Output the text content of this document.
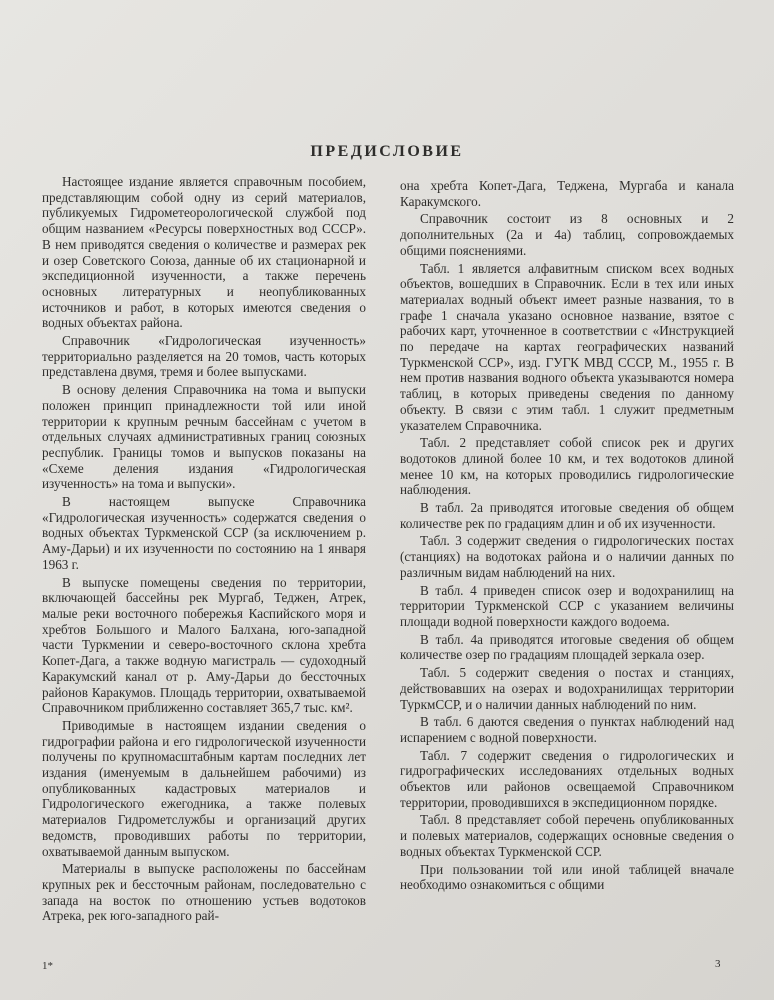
ПРЕДИСЛОВИЕ

Настоящее издание является справочным пособием, представляющим собой одну из серий материалов, публикуемых Гидрометеорологической службой под общим названием «Ресурсы поверхностных вод СССР». В нем приводятся сведения о количестве и размерах рек и озер Советского Союза, данные об их стационарной и экспедиционной изученности, а также перечень основных литературных и неопубликованных источников и работ, в которых имеются сведения о водных объектах района.

Справочник «Гидрологическая изученность» территориально разделяется на 20 томов, часть которых представлена двумя, тремя и более выпусками.

В основу деления Справочника на тома и выпуски положен принцип принадлежности той или иной территории к крупным речным бассейнам с учетом в отдельных случаях административных границ союзных республик. Границы томов и выпусков показаны на «Схеме деления издания «Гидрологическая изученность» на тома и выпуски».

В настоящем выпуске Справочника «Гидрологическая изученность» содержатся сведения о водных объектах Туркменской ССР (за исключением р. Аму-Дарьи) и их изученности по состоянию на 1 января 1963 г.

В выпуске помещены сведения по территории, включающей бассейны рек Мургаб, Теджен, Атрек, малые реки восточного побережья Каспийского моря и хребтов Большого и Малого Балхана, юго-западной части Туркмении и северо-восточного склона хребта Копет-Дага, а также водную магистраль — судоходный Каракумский канал от р. Аму-Дарьи до бессточных районов Каракумов. Площадь территории, охватываемой Справочником приближенно составляет 365,7 тыс. км².

Приводимые в настоящем издании сведения о гидрографии района и его гидрологической изученности получены по крупномасштабным картам последних лет издания (именуемым в дальнейшем рабочими) из опубликованных кадастровых материалов и Гидрологического ежегодника, а также полевых материалов Гидрометслужбы и организаций других ведомств, проводивших работы по территории, охватываемой данным выпуском.

Материалы в выпуске расположены по бассейнам крупных рек и бессточным районам, последовательно с запада на восток по отношению устьев водотоков Атрека, рек юго-западного рай-

она хребта Копет-Дага, Теджена, Мургаба и канала Каракумского.

Справочник состоит из 8 основных и 2 дополнительных (2а и 4а) таблиц, сопровождаемых общими пояснениями.

Табл. 1 является алфавитным списком всех водных объектов, вошедших в Справочник. Если в тех или иных материалах водный объект имеет разные названия, то в графе 1 сначала указано основное название, взятое с рабочих карт, уточненное в соответствии с «Инструкцией по передаче на картах географических названий Туркменской ССР», изд. ГУГК МВД СССР, М., 1955 г. В нем против названия водного объекта указываются номера таблиц, в которых приведены сведения по данному объекту. В связи с этим табл. 1 служит предметным указателем Справочника.

Табл. 2 представляет собой список рек и других водотоков длиной более 10 км, и тех водотоков длиной менее 10 км, на которых проводились гидрологические наблюдения.

В табл. 2а приводятся итоговые сведения об общем количестве рек по градациям длин и об их изученности.

Табл. 3 содержит сведения о гидрологических постах (станциях) на водотоках района и о наличии данных по различным видам наблюдений на них.

В табл. 4 приведен список озер и водохранилищ на территории Туркменской ССР с указанием величины площади водной поверхности каждого водоема.

В табл. 4а приводятся итоговые сведения об общем количестве озер по градациям площадей зеркала озер.

Табл. 5 содержит сведения о постах и станциях, действовавших на озерах и водохранилищах территории ТуркмССР, и о наличии данных наблюдений по ним.

В табл. 6 даются сведения о пунктах наблюдений над испарением с водной поверхности.

Табл. 7 содержит сведения о гидрологических и гидрографических исследованиях отдельных водных объектов или районов освещаемой Справочником территории, проводившихся в экспедиционном порядке.

Табл. 8 представляет собой перечень опубликованных и полевых материалов, содержащих основные сведения о водных объектах Туркменской ССР.

При пользовании той или иной таблицей вначале необходимо ознакомиться с общими

1*	3
